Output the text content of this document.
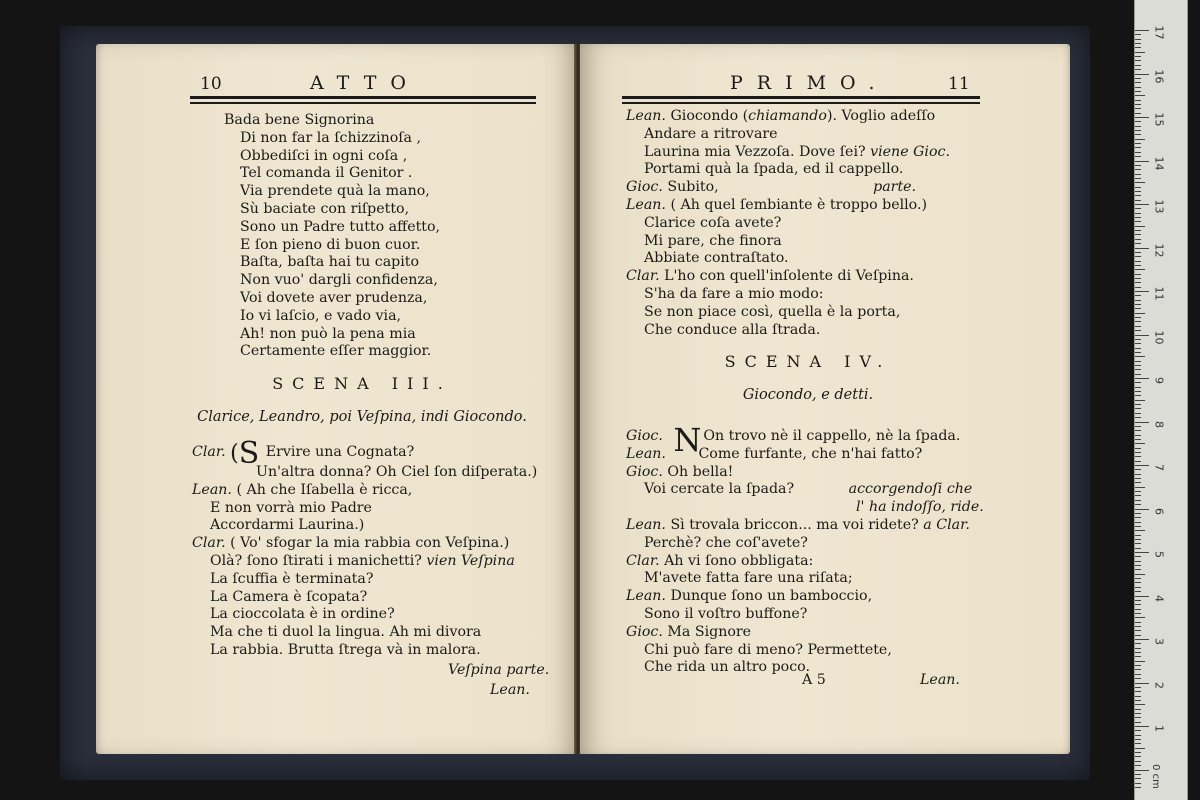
10	ATTO
Bada bene Signorina
Di non far la ſchizzinoſa ,
Obbediſci in ogni coſa ,
Tel comanda il Genitor .
Via prendete quà la mano,
Sù baciate con riſpetto,
Sono un Padre tutto affetto,
E ſon pieno di buon cuor.
Baſta, baſta hai tu capito
Non vuo' dargli confidenza,
Voi dovete aver prudenza,
Io vi laſcio, e vado via,
Ah! non può la pena mia
Certamente eſſer maggior.
SCENA III.
Clarice, Leandro, poi Veſpina, indi Giocondo.
Clar. (S Ervire una Cognata?
Un'altra donna? Oh Ciel ſon diſperata.)
Lean. ( Ah che Iſabella è ricca,
E non vorrà mio Padre
Accordarmi Laurina.)
Clar. ( Vo' sfogar la mia rabbia con Veſpina.)
Olà? ſono ſtirati i manichetti? vien Veſpina
La ſcuffia è terminata?
La Camera è ſcopata?
La cioccolata è in ordine?
Ma che ti duol la lingua. Ah mi divora
La rabbia. Brutta ſtrega và in malora.
Veſpina parte.
Lean.
PRIMO.	11
Lean. Giocondo (chiamando). Voglio adeſſo
Andare a ritrovare
Laurina mia Vezzoſa. Dove ſei? viene Gioc.
Portami quà la ſpada, ed il cappello.
Gioc. Subito,	parte.
Lean. ( Ah quel ſembiante è troppo bello.)
Clarice coſa avete?
Mi pare, che finora
Abbiate contraſtato.
Clar. L'ho con quell'inſolente di Veſpina.
S'ha da fare a mio modo:
Se non piace così, quella è la porta,
Che conduce alla ſtrada.
SCENA IV.
Giocondo, e detti.
Gioc. N On trovo nè il cappello, nè la ſpada.
Lean. Come furfante, che n'hai fatto?
Gioc. Oh bella!
Voi cercate la ſpada?	accorgendoſi che
l' ha indoſſo, ride.
Lean. Sì trovala briccon... ma voi ridete? a Clar.
Perchè? che coſ'avete?
Clar. Ah vi ſono obbligata:
M'avete fatta fare una riſata;
Lean. Dunque ſono un bamboccio,
Sono il voſtro buffone?
Gioc. Ma Signore
Chi può fare di meno? Permettete,
Che rida un altro poco.
A 5	Lean.
17
16
15
14
13
12
11
10
9
8
7
6
5
4
3
2
1
0 cm
